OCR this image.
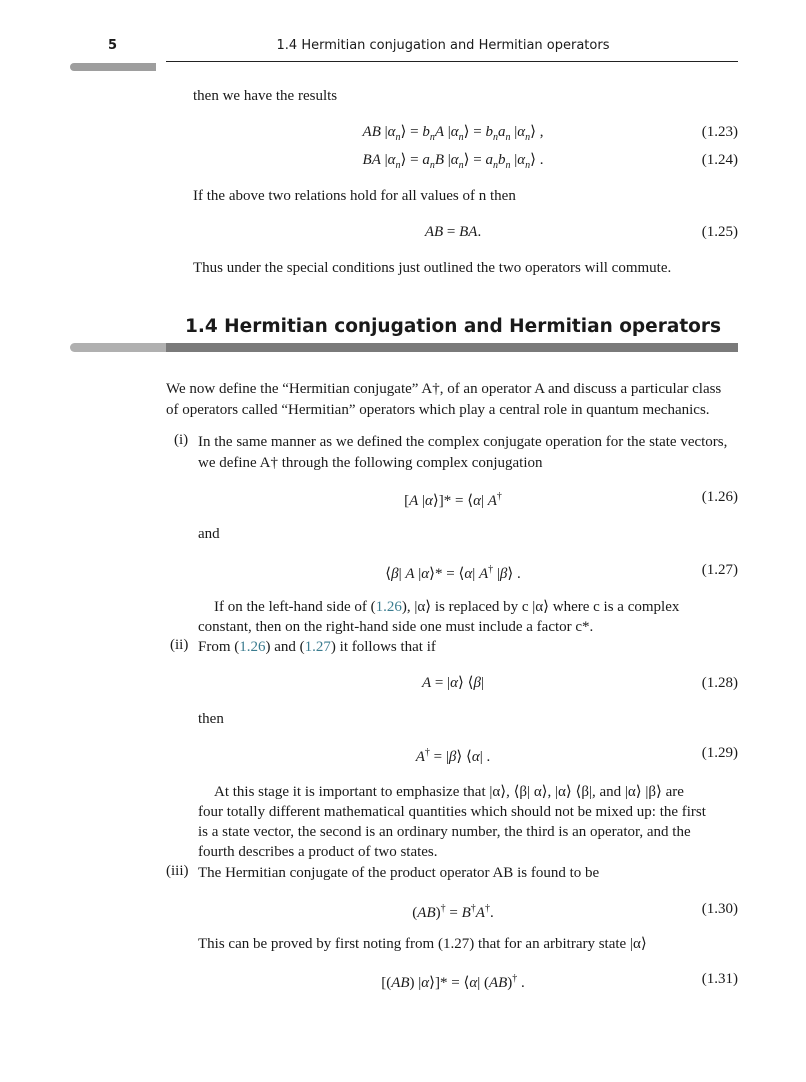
5	1.4 Hermitian conjugation and Hermitian operators
then we have the results
AB $|\alpha_n⟩ = b_nA$ $|\alpha_n⟩ = b_na_n$ $|\alpha_n⟩$ ,	(1.23)
BA $|\alpha_n⟩ = a_nB$ $|\alpha_n⟩ = a_nb_n$ $|\alpha_n⟩$ .	(1.24)
If the above two relations hold for all values of n then
AB = BA.	(1.25)
Thus under the special conditions just outlined the two operators will commute.
1.4 Hermitian conjugation and Hermitian operators
We now define the “Hermitian conjugate” A†, of an operator A and discuss a particular class
of operators called “Hermitian” operators which play a central role in quantum mechanics.
(i) In the same manner as we defined the complex conjugate operation for the state vectors,
we define A† through the following complex conjugation
[A |α⟩]* = ⟨α| A†	(1.26)
and
⟨β| A |α⟩* = ⟨α| A† |β⟩ .	(1.27)
If on the left-hand side of (1.26), |α⟩ is replaced by c |α⟩ where c is a complex
constant, then on the right-hand side one must include a factor c*.
(ii) From (1.26) and (1.27) it follows that if
A = |α⟩ ⟨β|	(1.28)
then
A† = |β⟩ ⟨α| .	(1.29)
At this stage it is important to emphasize that |α⟩, ⟨β| α⟩, |α⟩ ⟨β|, and |α⟩ |β⟩ are
four totally different mathematical quantities which should not be mixed up: the first
is a state vector, the second is an ordinary number, the third is an operator, and the
fourth describes a product of two states.
(iii) The Hermitian conjugate of the product operator AB is found to be
(AB)† = B†A†.	(1.30)
This can be proved by first noting from (1.27) that for an arbitrary state |α⟩
[(AB) |α⟩]* = ⟨α| (AB)† .	(1.31)
